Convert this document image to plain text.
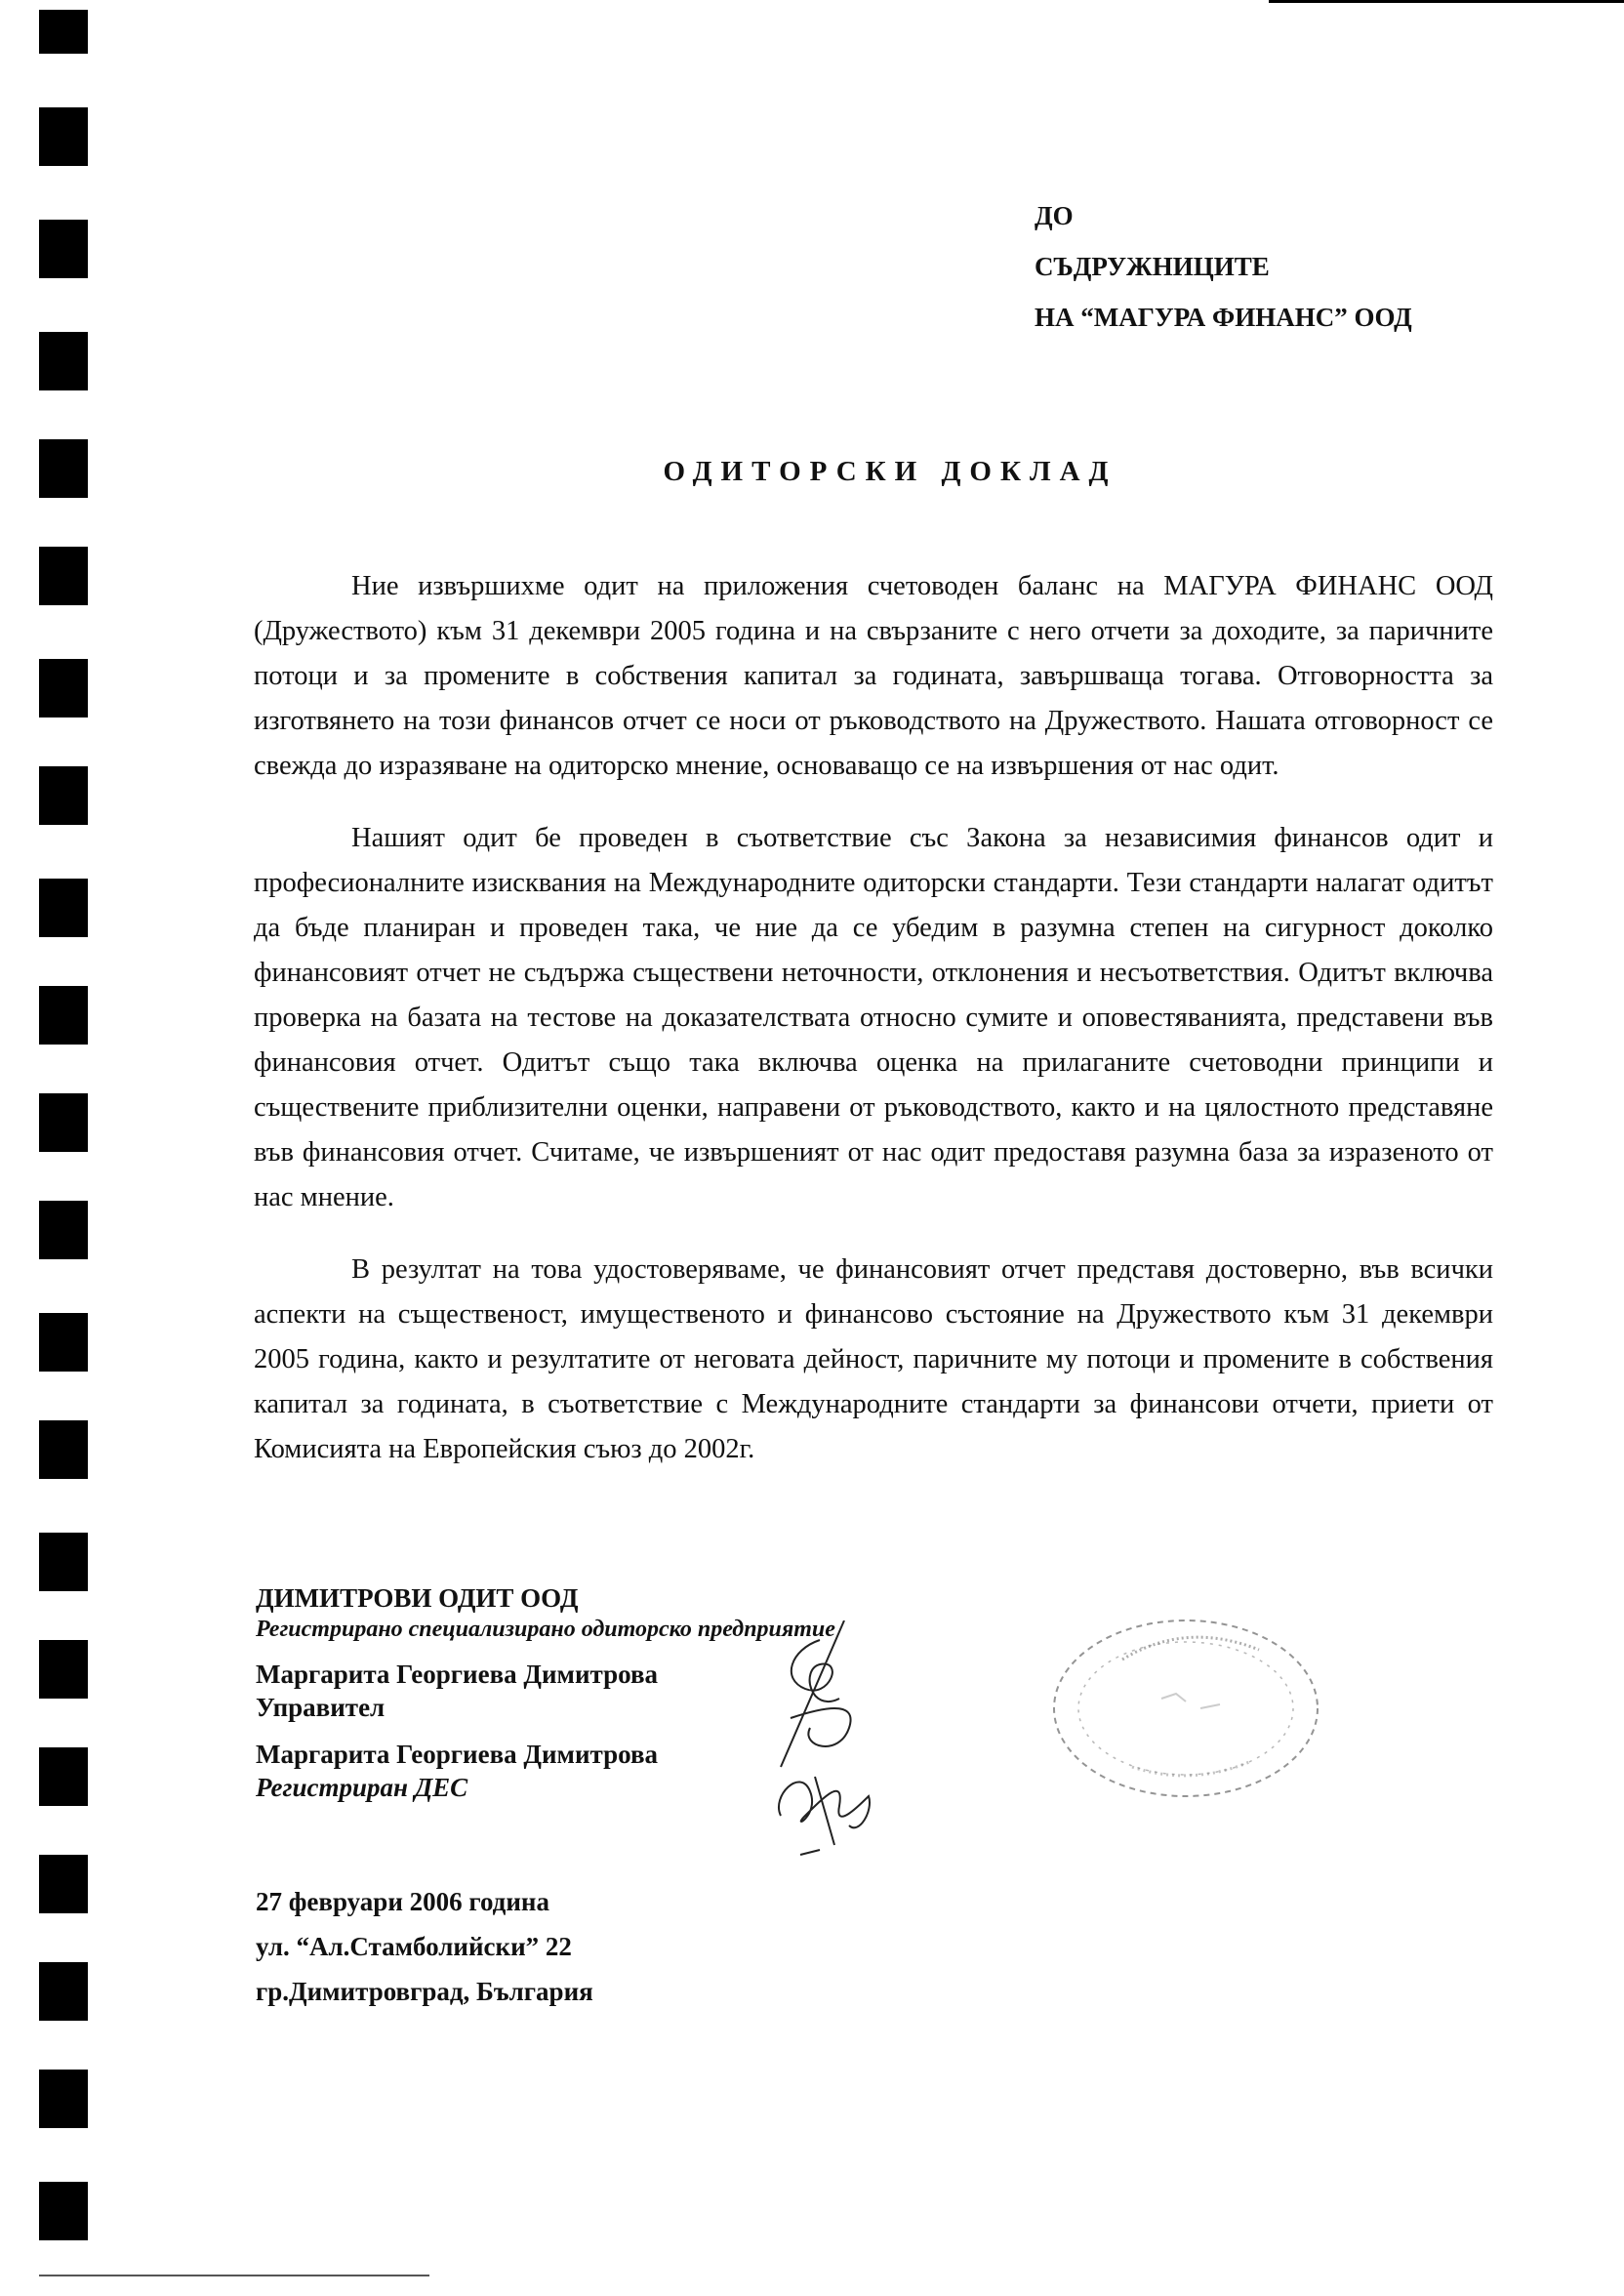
ДО
СЪДРУЖНИЦИТЕ
НА “МАГУРА ФИНАНС” ООД
ОДИТОРСКИ ДОКЛАД

Ние извършихме одит на приложения счетоводен баланс на МАГУРА ФИНАНС ООД (Дружеството) към 31 декември 2005 година и на свързаните с него отчети за доходите, за паричните потоци и за промените в собствения капитал за годината, завършваща тогава. Отговорността за изготвянето на този финансов отчет се носи от ръководството на Дружеството. Нашата отговорност се свежда до изразяване на одиторско мнение, основаващо се на извършения от нас одит.

Нашият одит бе проведен в съответствие със Закона за независимия финансов одит и професионалните изисквания на Международните одиторски стандарти. Тези стандарти налагат одитът да бъде планиран и проведен така, че ние да се убедим в разумна степен на сигурност доколко финансовият отчет не съдържа съществени неточности, отклонения и несъответствия. Одитът включва проверка на базата на тестове на доказателствата относно сумите и оповестяванията, представени във финансовия отчет. Одитът също така включва оценка на прилаганите счетоводни принципи и съществените приблизителни оценки, направени от ръководството, както и на цялостното представяне във финансовия отчет. Считаме, че извършеният от нас одит предоставя разумна база за изразеното от нас мнение.

В резултат на това удостоверяваме, че финансовият отчет представя достоверно, във всички аспекти на същественост, имущественото и финансово състояние на Дружеството към 31 декември 2005 година, както и резултатите от неговата дейност, паричните му потоци и промените в собствения капитал за годината, в съответствие с Международните стандарти за финансови отчети, приети от Комисията на Европейския съюз до 2002г.

ДИМИТРОВИ ОДИТ ООД
Регистрирано специализирано одиторско предприятие
Маргарита Георгиева Димитрова
Управител
Маргарита Георгиева Димитрова
Регистриран ДЕС
27 февруари 2006 година
ул. “Ал.Стамболийски” 22
гр.Димитровград, България
